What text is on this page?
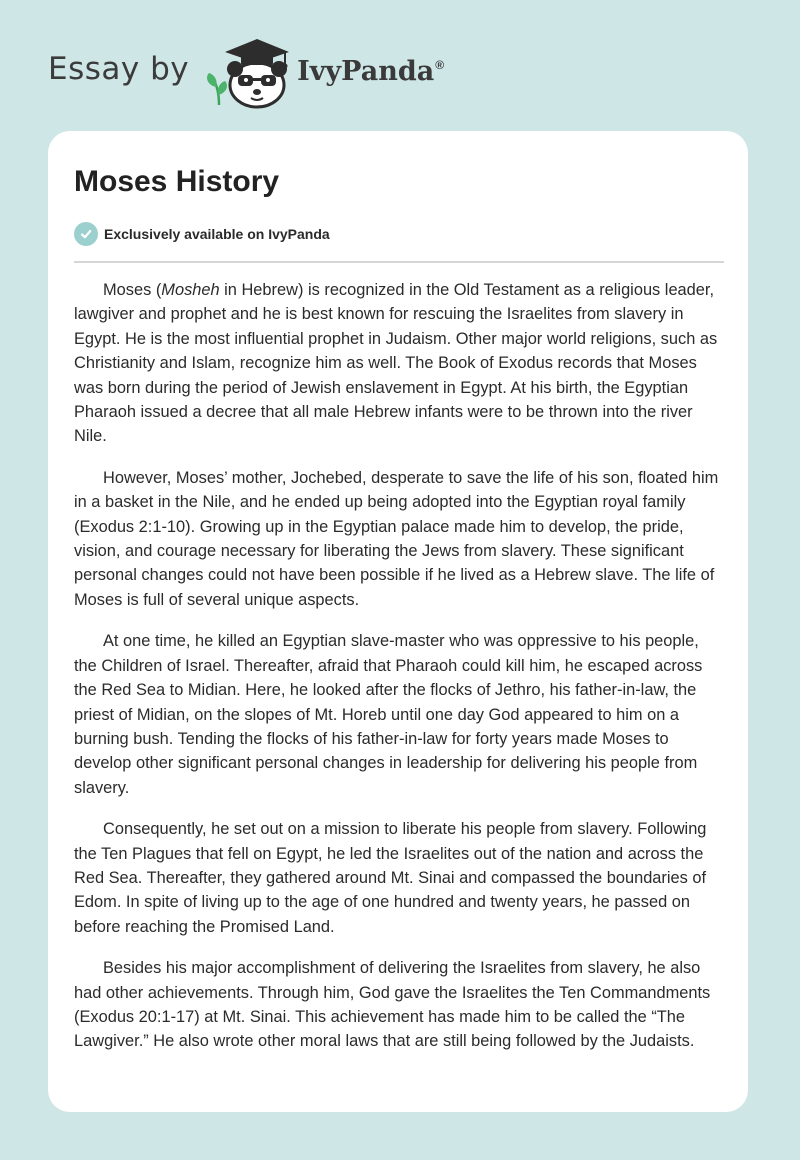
Essay by	IvyPanda®
Moses History
Exclusively available on IvyPanda

Moses (Mosheh in Hebrew) is recognized in the Old Testament as a religious leader, lawgiver and prophet and he is best known for rescuing the Israelites from slavery in Egypt. He is the most influential prophet in Judaism. Other major world religions, such as Christianity and Islam, recognize him as well. The Book of Exodus records that Moses was born during the period of Jewish enslavement in Egypt. At his birth, the Egyptian Pharaoh issued a decree that all male Hebrew infants were to be thrown into the river Nile.

However, Moses’ mother, Jochebed, desperate to save the life of his son, floated him in a basket in the Nile, and he ended up being adopted into the Egyptian royal family (Exodus 2:1-10). Growing up in the Egyptian palace made him to develop, the pride, vision, and courage necessary for liberating the Jews from slavery. These significant personal changes could not have been possible if he lived as a Hebrew slave. The life of Moses is full of several unique aspects.

At one time, he killed an Egyptian slave-master who was oppressive to his people, the Children of Israel. Thereafter, afraid that Pharaoh could kill him, he escaped across the Red Sea to Midian. Here, he looked after the flocks of Jethro, his father-in-law, the priest of Midian, on the slopes of Mt. Horeb until one day God appeared to him on a burning bush. Tending the flocks of his father-in-law for forty years made Moses to develop other significant personal changes in leadership for delivering his people from slavery.

Consequently, he set out on a mission to liberate his people from slavery. Following the Ten Plagues that fell on Egypt, he led the Israelites out of the nation and across the Red Sea. Thereafter, they gathered around Mt. Sinai and compassed the boundaries of Edom. In spite of living up to the age of one hundred and twenty years, he passed on before reaching the Promised Land.

Besides his major accomplishment of delivering the Israelites from slavery, he also had other achievements. Through him, God gave the Israelites the Ten Commandments (Exodus 20:1-17) at Mt. Sinai. This achievement has made him to be called the “The Lawgiver.” He also wrote other moral laws that are still being followed by the Judaists.
